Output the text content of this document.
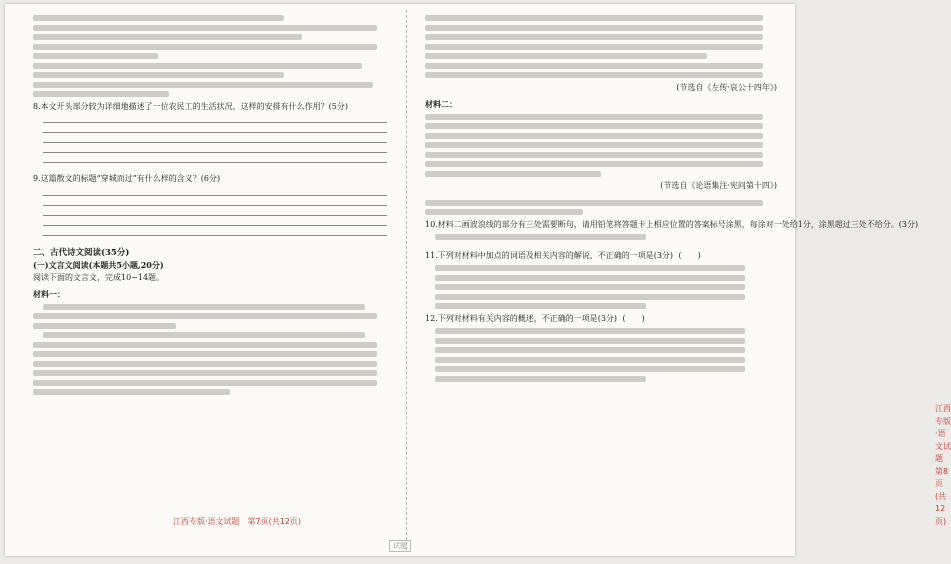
8.本文开头部分较为详细地描述了一位农民工的生活状况，这样的安排有什么作用？(5分)
9.这篇散文的标题“穿城而过”有什么样的含义？(6分)
二、古代诗文阅读(35分)
(一)文言文阅读(本题共5小题,20分)
阅读下面的文言文，完成10~14题。
材料一：
江西专版·语文试题　第7页(共12页)
试题
(节选自《左传·哀公十四年》)
材料二：
(节选自《论语集注·宪问第十四》)
10.材料二画波浪线的部分有三处需要断句，请用铅笔将答题卡上相应位置的答案标号涂黑，每涂对一处给1分，涂黑超过三处不给分。(3分)
11.下列对材料中加点的词语及相关内容的解说，不正确的一项是(3分) (　　)
12.下列对材料有关内容的概述，不正确的一项是(3分) (　　)
江西专版·语文试题　第8页(共12页)
